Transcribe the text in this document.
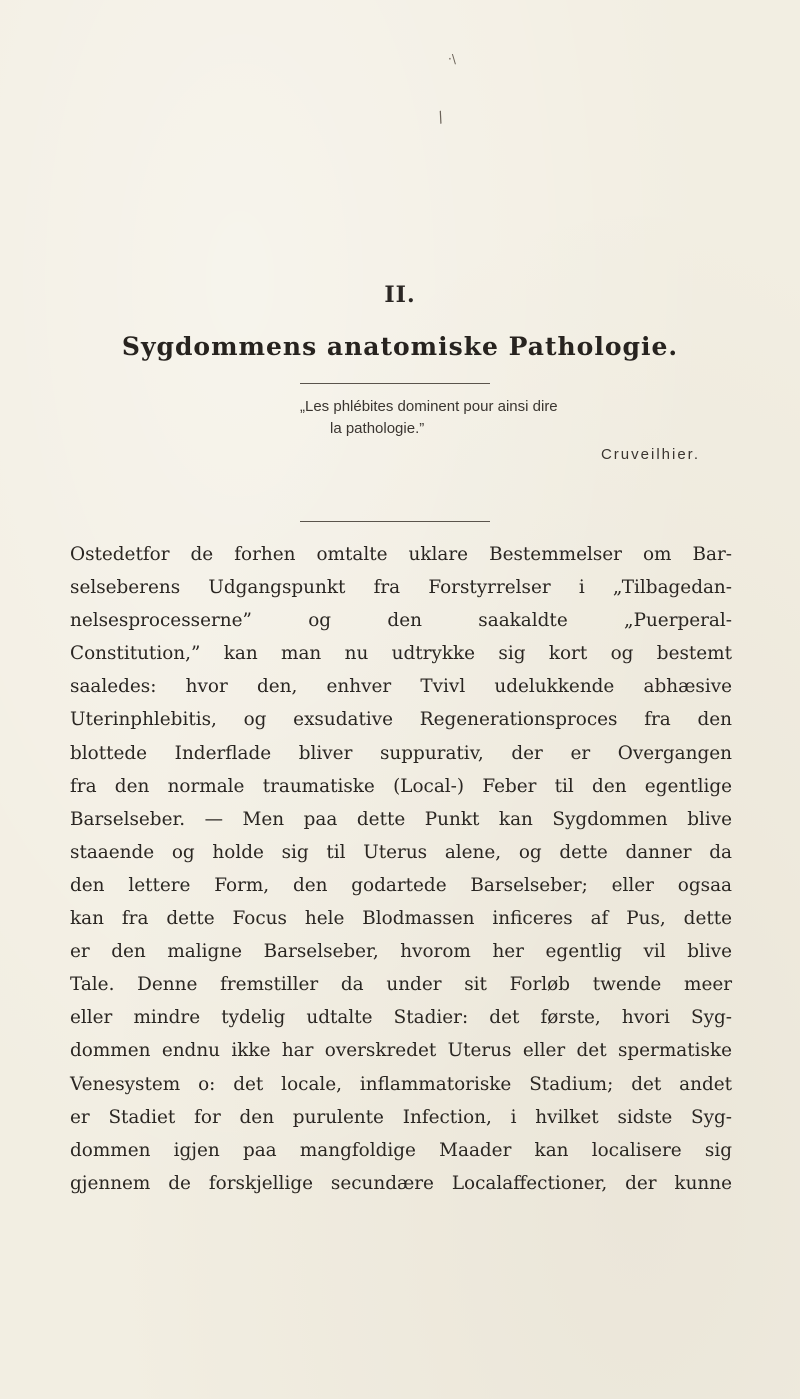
·\
/
II.
Sygdommens anatomiske Pathologie.
„Les phlébites dominent pour ainsi dire
la pathologie.”
Cruveilhier.
Ostedetfor de forhen omtalte uklare Bestemmelser om Bar-
selseberens Udgangspunkt fra Forstyrrelser i „Tilbagedan-
nelsesprocesserne” og den saakaldte „Puerperal-
Constitution,” kan man nu udtrykke sig kort og bestemt
saaledes: hvor den, enhver Tvivl udelukkende abhæsive
Uterinphlebitis, og exsudative Regenerationsproces fra den
blottede Inderflade bliver suppurativ, der er Overgangen
fra den normale traumatiske (Local-) Feber til den egentlige
Barselseber. — Men paa dette Punkt kan Sygdommen blive
staaende og holde sig til Uterus alene, og dette danner da
den lettere Form, den godartede Barselseber; eller ogsaa
kan fra dette Focus hele Blodmassen inficeres af Pus, dette
er den maligne Barselseber, hvorom her egentlig vil blive
Tale. Denne fremstiller da under sit Forløb twende meer
eller mindre tydelig udtalte Stadier: det første, hvori Syg-
dommen endnu ikke har overskredet Uterus eller det spermatiske
Venesystem o: det locale, inflammatoriske Stadium; det andet
er Stadiet for den purulente Infection, i hvilket sidste Syg-
dommen igjen paa mangfoldige Maader kan localisere sig
gjennem de forskjellige secundære Localaffectioner, der kunne
